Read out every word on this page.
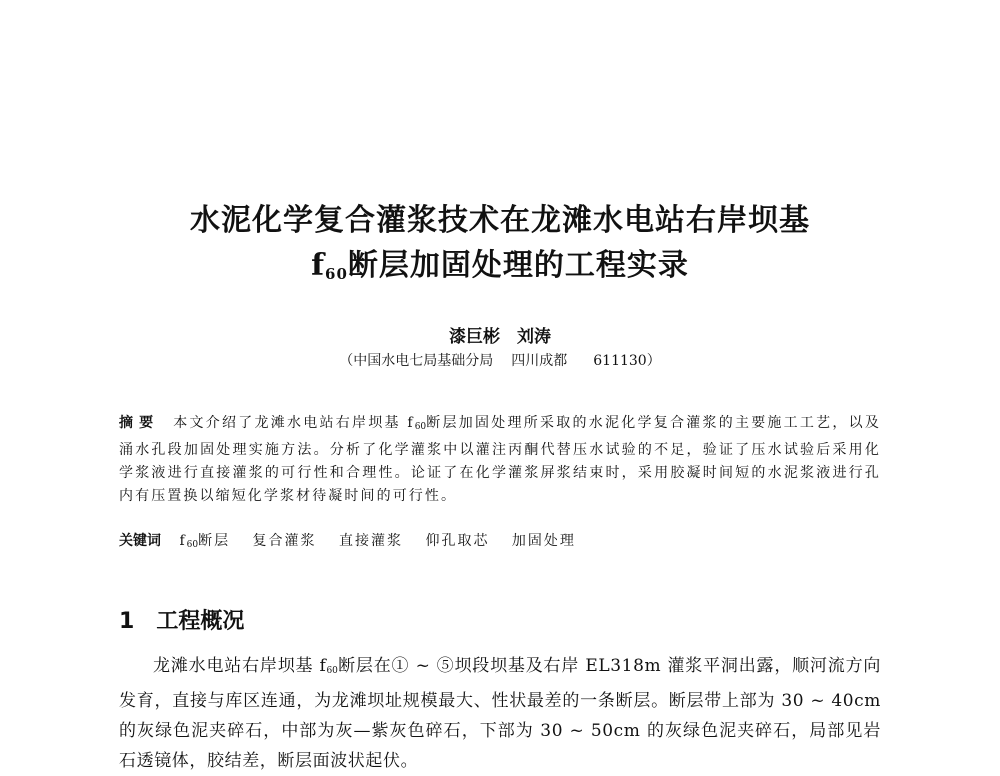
水泥化学复合灌浆技术在龙滩水电站右岸坝基
$f_{60}$断层加固处理的工程实录
漆巨彬　刘涛
（中国水电七局基础分局 四川成都 611130）
摘要 本文介绍了龙滩水电站右岸坝基 $f_{60}$断层加固处理所采取的水泥化学复合灌浆的主要施工工艺，以及涌水孔段加固处理实施方法。分析了化学灌浆中以灌注丙酮代替压水试验的不足，验证了压水试验后采用化学浆液进行直接灌浆的可行性和合理性。论证了在化学灌浆屏浆结束时，采用胶凝时间短的水泥浆液进行孔内有压置换以缩短化学浆材待凝时间的可行性。
关键词 $f_{60}$断层 复合灌浆 直接灌浆 仰孔取芯 加固处理
1 工程概况
龙滩水电站右岸坝基 $f_{60}$断层在① ~ ⑤坝段坝基及右岸 EL318m 灌浆平洞出露，顺河流方向发育，直接与库区连通，为龙滩坝址规模最大、性状最差的一条断层。断层带上部为 30 ~ 40cm 的灰绿色泥夹碎石，中部为灰—紫灰色碎石，下部为 30 ~ 50cm 的灰绿色泥夹碎石，局部见岩石透镜体，胶结差，断层面波状起伏。
